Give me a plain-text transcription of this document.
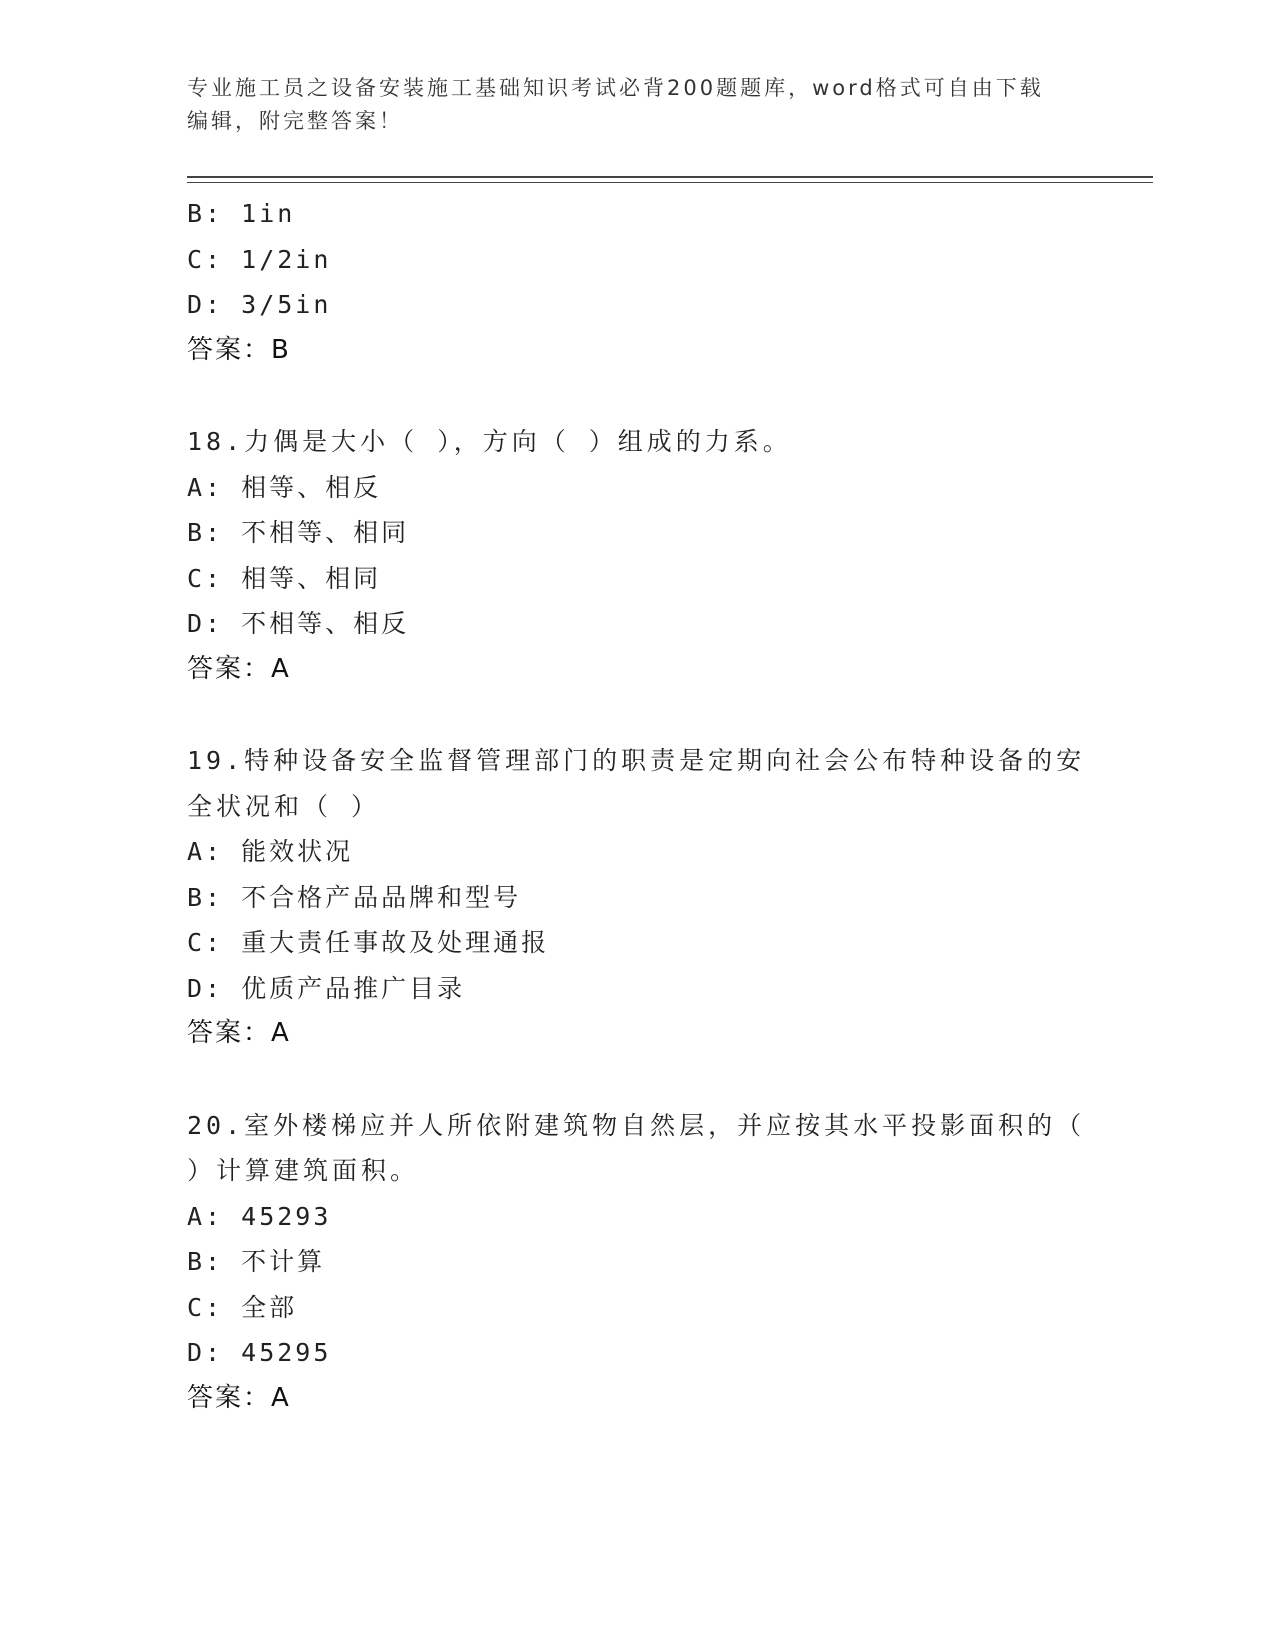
专业施工员之设备安装施工基础知识考试必背200题题库，word格式可自由下载
编辑，附完整答案！
B: 1in
C: 1/2in
D: 3/5in
答案：B
18.力偶是大小（ ），方向（ ）组成的力系。
A: 相等、相反
B: 不相等、相同
C: 相等、相同
D: 不相等、相反
答案：A
19.特种设备安全监督管理部门的职责是定期向社会公布特种设备的安
全状况和（ ）
A: 能效状况
B: 不合格产品品牌和型号
C: 重大责任事故及处理通报
D: 优质产品推广目录
答案：A
20.室外楼梯应并人所依附建筑物自然层，并应按其水平投影面积的（
）计算建筑面积。
A: 45293
B: 不计算
C: 全部
D: 45295
答案：A
